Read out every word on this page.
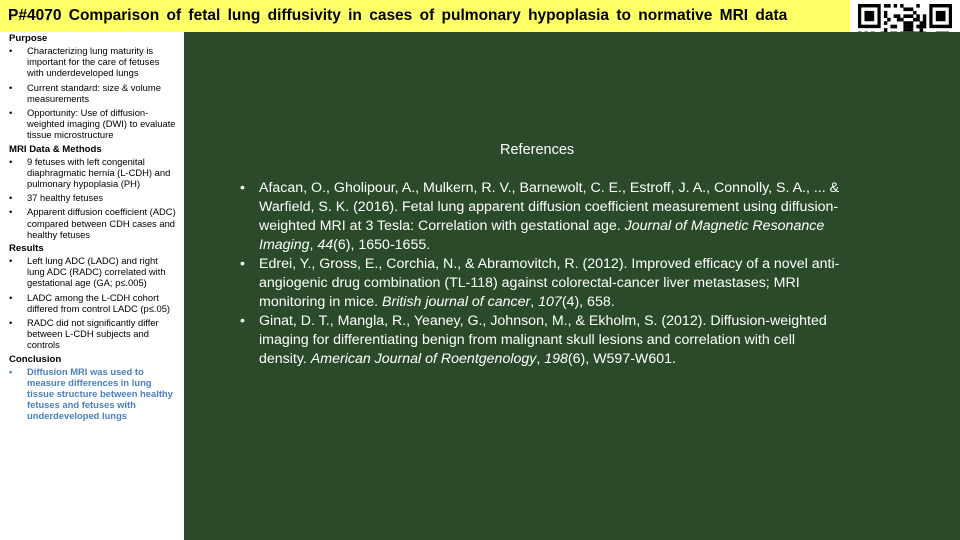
P#4070 Comparison of fetal lung diffusivity in cases of pulmonary hypoplasia to normative MRI data
Purpose
• Characterizing lung maturity is important for the care of fetuses with underdeveloped lungs
• Current standard: size & volume measurements
• Opportunity: Use of diffusion-weighted imaging (DWI) to evaluate tissue microstructure
MRI Data & Methods
• 9 fetuses with left congenital diaphragmatic hernia (L-CDH) and pulmonary hypoplasia (PH)
• 37 healthy fetuses
• Apparent diffusion coefficient (ADC) compared between CDH cases and healthy fetuses
Results
• Left lung ADC (LADC) and right lung ADC (RADC) correlated with gestational age (GA; p≤.005)
• LADC among the L-CDH cohort differed from control LADC (p≤.05)
• RADC did not significantly differ between L-CDH subjects and controls
Conclusion
• Diffusion MRI was used to measure differences in lung tissue structure between healthy fetuses and fetuses with underdeveloped lungs
References
• Afacan, O., Gholipour, A., Mulkern, R. V., Barnewolt, C. E., Estroff, J. A., Connolly, S. A., ... & Warfield, S. K. (2016). Fetal lung apparent diffusion coefficient measurement using diffusion-weighted MRI at 3 Tesla: Correlation with gestational age. Journal of Magnetic Resonance Imaging, 44(6), 1650-1655.
• Edrei, Y., Gross, E., Corchia, N., & Abramovitch, R. (2012). Improved efficacy of a novel anti-angiogenic drug combination (TL-118) against colorectal-cancer liver metastases; MRI monitoring in mice. British journal of cancer, 107(4), 658.
• Ginat, D. T., Mangla, R., Yeaney, G., Johnson, M., & Ekholm, S. (2012). Diffusion-weighted imaging for differentiating benign from malignant skull lesions and correlation with cell density. American Journal of Roentgenology, 198(6), W597-W601.
